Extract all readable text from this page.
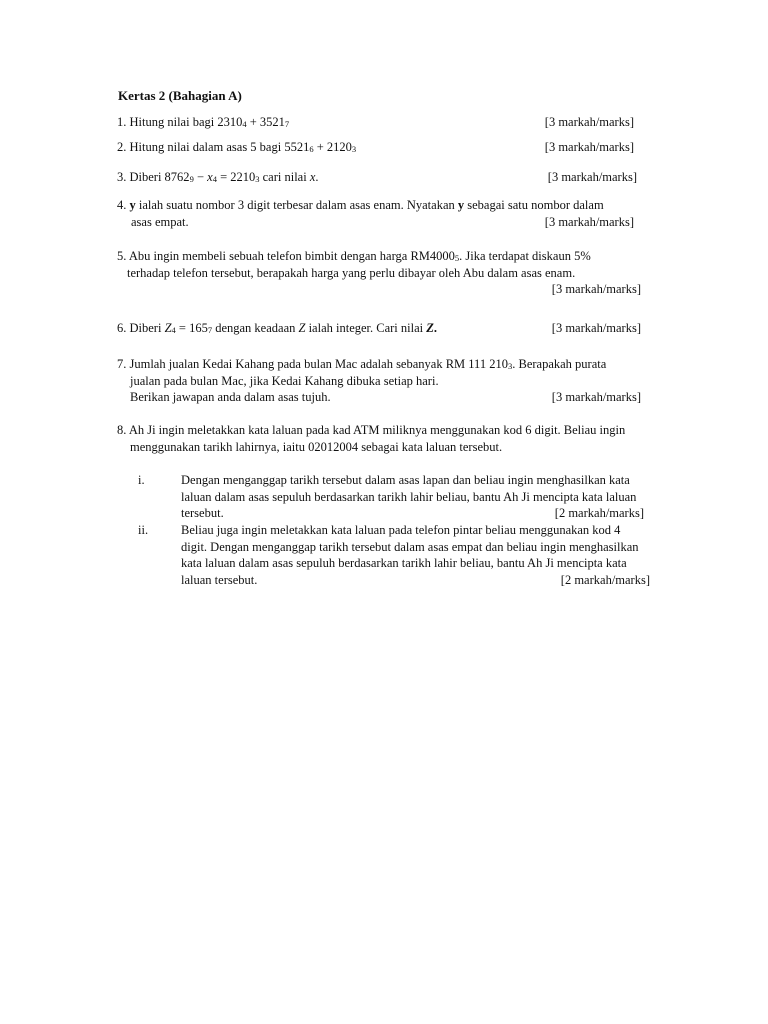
Kertas 2 (Bahagian A)
1. Hitung nilai bagi $2310_4 + 3521_7$	[3 markah/marks]
2. Hitung nilai dalam asas 5 bagi $5521_6 + 2120_3$	[3 markah/marks]
3. Diberi $8762_9 - x_4 = 2210_3$ cari nilai x.	[3 markah/marks]
4. y ialah suatu nombor 3 digit terbesar dalam asas enam. Nyatakan y sebagai satu nombor dalam
asas empat.	[3 markah/marks]
5. Abu ingin membeli sebuah telefon bimbit dengan harga $RM4000_5$. Jika terdapat diskaun 5%
terhadap telefon tersebut, berapakah harga yang perlu dibayar oleh Abu dalam asas enam.
[3 markah/marks]
6. Diberi $Z_4 = 165_7$ dengan keadaan Z ialah integer. Cari nilai Z.	[3 markah/marks]
7. Jumlah jualan Kedai Kahang pada bulan Mac adalah sebanyak RM 111 $210_3$. Berapakah purata
jualan pada bulan Mac, jika Kedai Kahang dibuka setiap hari.
Berikan jawapan anda dalam asas tujuh.	[3 markah/marks]
8. Ah Ji ingin meletakkan kata laluan pada kad ATM miliknya menggunakan kod 6 digit. Beliau ingin
menggunakan tarikh lahirnya, iaitu 02012004 sebagai kata laluan tersebut.
i.	Dengan menganggap tarikh tersebut dalam asas lapan dan beliau ingin menghasilkan kata
laluan dalam asas sepuluh berdasarkan tarikh lahir beliau, bantu Ah Ji mencipta kata laluan
tersebut.	[2 markah/marks]
ii.	Beliau juga ingin meletakkan kata laluan pada telefon pintar beliau menggunakan kod 4
digit. Dengan menganggap tarikh tersebut dalam asas empat dan beliau ingin menghasilkan
kata laluan dalam asas sepuluh berdasarkan tarikh lahir beliau, bantu Ah Ji mencipta kata
laluan tersebut.	[2 markah/marks]
